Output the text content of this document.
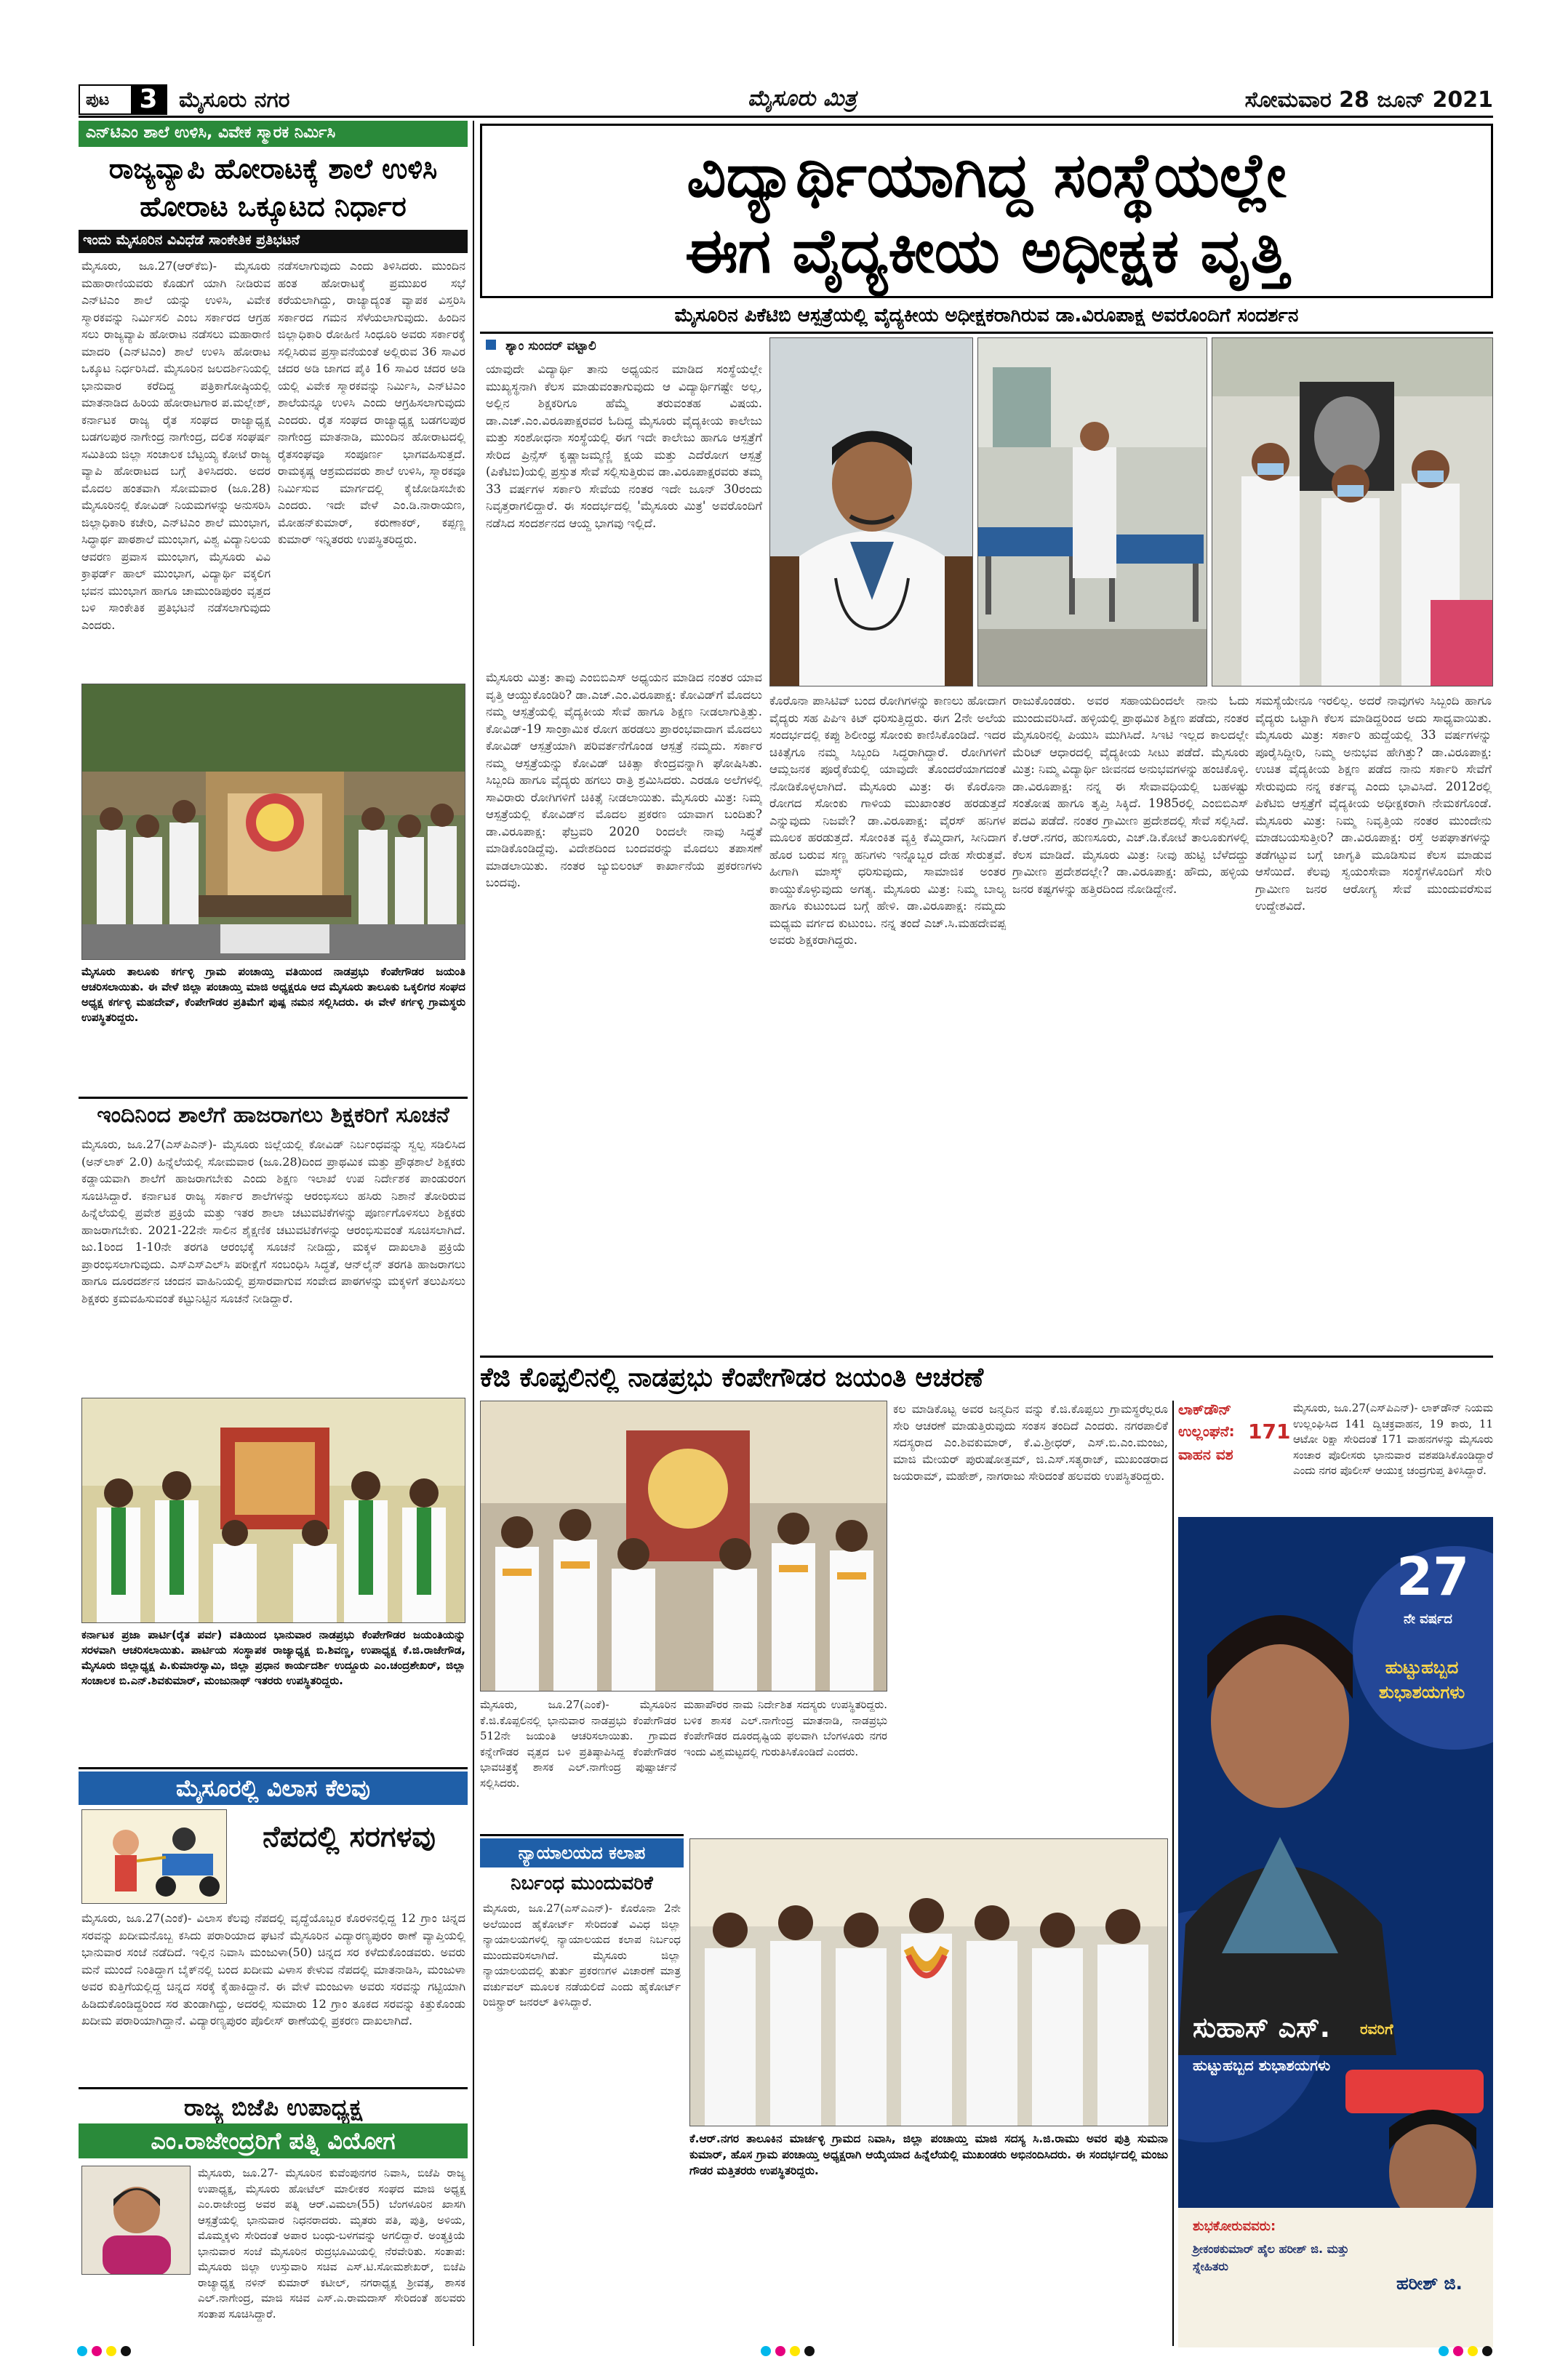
ಪುಟ	3 ಮೈಸೂರು ನಗರ	ಮೈಸೂರು ಮಿತ್ರ	ಸೋಮವಾರ 28 ಜೂನ್ 2021
ಎನ್‌ಟಿಎಂ ಶಾಲೆ ಉಳಿಸಿ, ವಿವೇಕ ಸ್ಮಾರಕ ನಿರ್ಮಿಸಿ
ರಾಜ್ಯವ್ಯಾಪಿ ಹೋರಾಟಕ್ಕೆ ಶಾಲೆ ಉಳಿಸಿ ಹೋರಾಟ ಒಕ್ಕೂಟದ ನಿರ್ಧಾರ
ಇಂದು ಮೈಸೂರಿನ ವಿವಿಧೆಡೆ ಸಾಂಕೇತಿಕ ಪ್ರತಿಭಟನೆ
ಮೈಸೂರು, ಜೂ.27(ಆರ್‌ಕೆಬಿ)- ಮೈಸೂರು ಮಹಾರಾಣಿಯವರು ಕೊಡುಗೆ ಯಾಗಿ ನೀಡಿರುವ ಎನ್‌ಟಿಎಂ ಶಾಲೆ ಯನ್ನು ಉಳಿಸಿ, ವಿವೇಕ ಸ್ಮಾರಕವನ್ನು ನಿರ್ಮಿಸಲಿ ಎಂಬ ಸರ್ಕಾರದ ಆಗ್ರಹ ಸಲು ರಾಜ್ಯವ್ಯಾಪಿ ಹೋರಾಟ ನಡೆಸಲು ಮಹಾರಾಣಿ ಮಾದರಿ (ಎನ್‌ಟಿಎಂ) ಶಾಲೆ ಉಳಿಸಿ ಹೋರಾಟ ಒಕ್ಕೂಟ ನಿರ್ಧರಿಸಿದೆ. ಮೈಸೂರಿನ ಜಲದರ್ಶಿನಿಯಲ್ಲಿ ಭಾನುವಾರ ಕರೆದಿದ್ದ ಪತ್ರಿಕಾಗೋಷ್ಠಿಯಲ್ಲಿ ಮಾತನಾಡಿದ ಹಿರಿಯ ಹೋರಾಟಗಾರ ಪ.ಮಲ್ಲೇಶ್, ಕರ್ನಾಟಕ ರಾಜ್ಯ ರೈತ ಸಂಘದ ರಾಜ್ಯಾಧ್ಯಕ್ಷ ಬಡಗಲಪುರ ನಾಗೇಂದ್ರ ನಾಗೇಂದ್ರ, ದಲಿತ ಸಂಘರ್ಷ ಸಮಿತಿಯ ಜಿಲ್ಲಾ ಸಂಚಾಲಕ ಬೆಟ್ಟಯ್ಯ ಕೋಟೆ ರಾಜ್ಯ ವ್ಯಾಪಿ ಹೋರಾಟದ ಬಗ್ಗೆ ತಿಳಿಸಿದರು. ಅದರ ಮೊದಲ ಹಂತವಾಗಿ ಸೋಮವಾರ (ಜೂ.28) ಮೈಸೂರಿನಲ್ಲಿ ಕೋವಿಡ್ ನಿಯಮಗಳನ್ನು ಅನುಸರಿಸಿ ಜಿಲ್ಲಾಧಿಕಾರಿ ಕಚೇರಿ, ಎನ್‌ಟಿಎಂ ಶಾಲೆ ಮುಂಭಾಗ, ಸಿದ್ಧಾರ್ಥ ಪಾಠಶಾಲೆ ಮುಂಭಾಗ, ವಿಶ್ವ ವಿದ್ಯಾನಿಲಯ ಆವರಣ ಪ್ರವಾಸ ಮುಂಭಾಗ, ಮೈಸೂರು ವಿವಿ ಕ್ರಾಫರ್ಡ್ ಹಾಲ್ ಮುಂಭಾಗ, ವಿದ್ಯಾರ್ಥಿ ವಕ್ಕಲಿಗ ಭವನ ಮುಂಭಾಗ ಹಾಗೂ ಚಾಮುಂಡಿಪುರಂ ವೃತ್ತದ ಬಳಿ ಸಾಂಕೇತಿಕ ಪ್ರತಿಭಟನೆ ನಡೆಸಲಾಗುವುದು ಎಂದರು.
ನಡೆಸಲಾಗುವುದು ಎಂದು ತಿಳಿಸಿದರು. ಮುಂದಿನ ಹಂತ ಹೋರಾಟಕ್ಕೆ ಪ್ರಮುಖರ ಸಭೆ ಕರೆಯಲಾಗಿದ್ದು, ರಾಜ್ಯಾದ್ಯಂತ ವ್ಯಾಪಕ ವಿಸ್ತರಿಸಿ ಸರ್ಕಾರದ ಗಮನ ಸೆಳೆಯಲಾಗುವುದು. ಹಿಂದಿನ ಜಿಲ್ಲಾಧಿಕಾರಿ ರೋಹಿಣಿ ಸಿಂಧೂರಿ ಅವರು ಸರ್ಕಾರಕ್ಕೆ ಸಲ್ಲಿಸಿರುವ ಪ್ರಸ್ತಾವನೆಯಂತೆ ಅಲ್ಲಿರುವ 36 ಸಾವಿರ ಚದರ ಅಡಿ ಜಾಗದ ಪೈಕಿ 16 ಸಾವಿರ ಚದರ ಅಡಿ ಯಲ್ಲಿ ವಿವೇಕ ಸ್ಮಾರಕವನ್ನು ನಿರ್ಮಿಸಿ, ಎನ್‌ಟಿಎಂ ಶಾಲೆಯನ್ನೂ ಉಳಿಸಿ ಎಂದು ಆಗ್ರಹಿಸಲಾಗುವುದು ಎಂದರು. ರೈತ ಸಂಘದ ರಾಜ್ಯಾಧ್ಯಕ್ಷ ಬಡಗಲಪುರ ನಾಗೇಂದ್ರ ಮಾತನಾಡಿ, ಮುಂದಿನ ಹೋರಾಟದಲ್ಲಿ ರೈತಸಂಘವೂ ಸಂಪೂರ್ಣ ಭಾಗವಹಿಸುತ್ತದೆ. ರಾಮಕೃಷ್ಣ ಆಶ್ರಮದವರು ಶಾಲೆ ಉಳಿಸಿ, ಸ್ಮಾರಕವೂ ನಿರ್ಮಿಸುವ ಮಾರ್ಗದಲ್ಲಿ ಕೈಜೋಡಿಸಬೇಕು ಎಂದರು. ಇದೇ ವೇಳೆ ಎಂ.ಡಿ.ನಾರಾಯಣ, ಮೋಹನ್‌ಕುಮಾರ್, ಕರುಣಾಕರ್, ಕಪ್ಪಣ್ಣ ಕುಮಾರ್ ಇನ್ನಿತರರು ಉಪಸ್ಥಿತರಿದ್ದರು.
ಮೈಸೂರು ತಾಲೂಕು ಕರ್ಗಳ್ಳಿ ಗ್ರಾಮ ಪಂಚಾಯ್ತಿ ವತಿಯಿಂದ ನಾಡಪ್ರಭು ಕೆಂಪೇಗೌಡರ ಜಯಂತಿ ಆಚರಿಸಲಾಯಿತು. ಈ ವೇಳೆ ಜಿಲ್ಲಾ ಪಂಚಾಯ್ತಿ ಮಾಜಿ ಅಧ್ಯಕ್ಷರೂ ಆದ ಮೈಸೂರು ತಾಲೂಕು ಒಕ್ಕಲಿಗರ ಸಂಘದ ಅಧ್ಯಕ್ಷ ಕರ್ಗಳ್ಳಿ ಮಹದೇವ್, ಕೆಂಪೇಗೌಡರ ಪ್ರತಿಮೆಗೆ ಪುಷ್ಪ ನಮನ ಸಲ್ಲಿಸಿದರು. ಈ ವೇಳೆ ಕರ್ಗಳ್ಳಿ ಗ್ರಾಮಸ್ಥರು ಉಪಸ್ಥಿತರಿದ್ದರು.
ಇಂದಿನಿಂದ ಶಾಲೆಗೆ ಹಾಜರಾಗಲು ಶಿಕ್ಷಕರಿಗೆ ಸೂಚನೆ
ಮೈಸೂರು, ಜೂ.27(ಎಸ್‌ಪಿಎನ್)- ಮೈಸೂರು ಜಿಲ್ಲೆಯಲ್ಲಿ ಕೋವಿಡ್ ನಿರ್ಬಂಧವನ್ನು ಸ್ವಲ್ಪ ಸಡಿಲಿಸಿದ (ಅನ್‌ಲಾಕ್ 2.0) ಹಿನ್ನೆಲೆಯಲ್ಲಿ ಸೋಮವಾರ (ಜೂ.28)ದಿಂದ ಪ್ರಾಥಮಿಕ ಮತ್ತು ಪ್ರೌಢಶಾಲೆ ಶಿಕ್ಷಕರು ಕಡ್ಡಾಯವಾಗಿ ಶಾಲೆಗೆ ಹಾಜರಾಗಬೇಕು ಎಂದು ಶಿಕ್ಷಣ ಇಲಾಖೆ ಉಪ ನಿರ್ದೇಶಕ ಪಾಂಡುರಂಗ ಸೂಚಿಸಿದ್ದಾರೆ. ಕರ್ನಾಟಕ ರಾಜ್ಯ ಸರ್ಕಾರ ಶಾಲೆಗಳನ್ನು ಆರಂಭಿಸಲು ಹಸಿರು ನಿಶಾನೆ ತೋರಿರುವ ಹಿನ್ನೆಲೆಯಲ್ಲಿ ಪ್ರವೇಶ ಪ್ರಕ್ರಿಯೆ ಮತ್ತು ಇತರ ಶಾಲಾ ಚಟುವಟಿಕೆಗಳನ್ನು ಪೂರ್ಣಗೊಳಿಸಲು ಶಿಕ್ಷಕರು ಹಾಜರಾಗಬೇಕು. 2021-22ನೇ ಸಾಲಿನ ಶೈಕ್ಷಣಿಕ ಚಟುವಟಿಕೆಗಳನ್ನು ಆರಂಭಿಸುವಂತೆ ಸೂಚಿಸಲಾಗಿದೆ. ಜು.1ರಿಂದ 1-10ನೇ ತರಗತಿ ಆರಂಭಕ್ಕೆ ಸೂಚನೆ ನೀಡಿದ್ದು, ಮಕ್ಕಳ ದಾಖಲಾತಿ ಪ್ರಕ್ರಿಯೆ ಪ್ರಾರಂಭಿಸಲಾಗುವುದು. ಎಸ್‌ಎಸ್‌ಎಲ್‌ಸಿ ಪರೀಕ್ಷೆಗೆ ಸಂಬಂಧಿಸಿ ಸಿದ್ಧತೆ, ಆನ್‌ಲೈನ್ ತರಗತಿ ಹಾಜರಾಗಲು ಹಾಗೂ ದೂರದರ್ಶನ ಚಂದನ ವಾಹಿನಿಯಲ್ಲಿ ಪ್ರಸಾರವಾಗುವ ಸಂವೇದ ಪಾಠಗಳನ್ನು ಮಕ್ಕಳಿಗೆ ತಲುಪಿಸಲು ಶಿಕ್ಷಕರು ಕ್ರಮವಹಿಸುವಂತೆ ಕಟ್ಟುನಿಟ್ಟಿನ ಸೂಚನೆ ನೀಡಿದ್ದಾರೆ.
ಕರ್ನಾಟಕ ಪ್ರಜಾ ಪಾರ್ಟಿ(ರೈತ ಪರ್ವ) ವತಿಯಿಂದ ಭಾನುವಾರ ನಾಡಪ್ರಭು ಕೆಂಪೇಗೌಡರ ಜಯಂತಿಯನ್ನು ಸರಳವಾಗಿ ಆಚರಿಸಲಾಯಿತು. ಪಾರ್ಟಿಯ ಸಂಸ್ಥಾಪಕ ರಾಜ್ಯಾಧ್ಯಕ್ಷ ಬಿ.ಶಿವಣ್ಣ, ಉಪಾಧ್ಯಕ್ಷ ಕೆ.ಜಿ.ರಾಜೇಗೌಡ, ಮೈಸೂರು ಜಿಲ್ಲಾಧ್ಯಕ್ಷ ಪಿ.ಕುಮಾರಸ್ವಾಮಿ, ಜಿಲ್ಲಾ ಪ್ರಧಾನ ಕಾರ್ಯದರ್ಶಿ ಉದ್ದೂರು ಎಂ.ಚಂದ್ರಶೇಖರ್, ಜಿಲ್ಲಾ ಸಂಚಾಲಕ ಬಿ.ಎನ್.ಶಿವಕುಮಾರ್, ಮಂಜುನಾಥ್ ಇತರರು ಉಪಸ್ಥಿತರಿದ್ದರು.
ಮೈಸೂರಲ್ಲಿ ವಿಲಾಸ ಕೆಲವು
ನೆಪದಲ್ಲಿ ಸರಗಳವು
ಮೈಸೂರು, ಜೂ.27(ಎಂಕೆ)- ವಿಲಾಸ ಕೆಲವು ನೆಪದಲ್ಲಿ ವೃದ್ಧೆಯೊಬ್ಬರ ಕೊರಳಿನಲ್ಲಿದ್ದ 12 ಗ್ರಾಂ ಚಿನ್ನದ ಸರವನ್ನು ಖದೀಮನೊಬ್ಬ ಕಸಿದು ಪರಾರಿಯಾದ ಘಟನೆ ಮೈಸೂರಿನ ವಿದ್ಯಾರಣ್ಯಪುರಂ ಠಾಣೆ ವ್ಯಾಪ್ತಿಯಲ್ಲಿ ಭಾನುವಾರ ಸಂಜೆ ನಡೆದಿದೆ. ಇಲ್ಲಿನ ನಿವಾಸಿ ಮಂಜುಳಾ(50) ಚಿನ್ನದ ಸರ ಕಳೆದುಕೊಂಡವರು. ಅವರು ಮನೆ ಮುಂದೆ ನಿಂತಿದ್ದಾಗ ಬೈಕ್‌ನಲ್ಲಿ ಬಂದ ಖದೀಮ ವಿಳಾಸ ಕೇಳುವ ನೆಪದಲ್ಲಿ ಮಾತನಾಡಿಸಿ, ಮಂಜುಳಾ ಅವರ ಕುತ್ತಿಗೆಯಲ್ಲಿದ್ದ ಚಿನ್ನದ ಸರಕ್ಕೆ ಕೈಹಾಕಿದ್ದಾನೆ. ಈ ವೇಳೆ ಮಂಜುಳಾ ಅವರು ಸರವನ್ನು ಗಟ್ಟಿಯಾಗಿ ಹಿಡಿದುಕೊಂಡಿದ್ದರಿಂದ ಸರ ತುಂಡಾಗಿದ್ದು, ಅದರಲ್ಲಿ ಸುಮಾರು 12 ಗ್ರಾಂ ತೂಕದ ಸರವನ್ನು ಕಿತ್ತುಕೊಂಡು ಖದೀಮ ಪರಾರಿಯಾಗಿದ್ದಾನೆ. ವಿದ್ಯಾರಣ್ಯಪುರಂ ಪೊಲೀಸ್ ಠಾಣೆಯಲ್ಲಿ ಪ್ರಕರಣ ದಾಖಲಾಗಿದೆ.
ರಾಜ್ಯ ಬಿಜೆಪಿ ಉಪಾಧ್ಯಕ್ಷ
ಎಂ.ರಾಜೇಂದ್ರರಿಗೆ ಪತ್ನಿ ವಿಯೋಗ
ಮೈಸೂರು, ಜೂ.27- ಮೈಸೂರಿನ ಕುವೆಂಪುನಗರ ನಿವಾಸಿ, ಬಿಜೆಪಿ ರಾಜ್ಯ ಉಪಾಧ್ಯಕ್ಷ, ಮೈಸೂರು ಹೋಟೆಲ್ ಮಾಲೀಕರ ಸಂಘದ ಮಾಜಿ ಅಧ್ಯಕ್ಷ ಎಂ.ರಾಜೇಂದ್ರ ಅವರ ಪತ್ನಿ ಆರ್.ವಿಮಲಾ(55) ಬೆಂಗಳೂರಿನ ಖಾಸಗಿ ಆಸ್ಪತ್ರೆಯಲ್ಲಿ ಭಾನುವಾರ ನಿಧನರಾದರು. ಮೃತರು ಪತಿ, ಪುತ್ರಿ, ಅಳಿಯ, ಮೊಮ್ಮಕ್ಕಳು ಸೇರಿದಂತೆ ಅಪಾರ ಬಂಧು-ಬಳಗವನ್ನು ಅಗಲಿದ್ದಾರೆ. ಅಂತ್ಯಕ್ರಿಯೆ ಭಾನುವಾರ ಸಂಜೆ ಮೈಸೂರಿನ ರುದ್ರಭೂಮಿಯಲ್ಲಿ ನೆರವೇರಿತು. ಸಂತಾಪ: ಮೈಸೂರು ಜಿಲ್ಲಾ ಉಸ್ತುವಾರಿ ಸಚಿವ ಎಸ್.ಟಿ.ಸೋಮಶೇಖರ್, ಬಿಜೆಪಿ ರಾಜ್ಯಾಧ್ಯಕ್ಷ ನಳಿನ್ ಕುಮಾರ್ ಕಟೀಲ್, ನಗರಾಧ್ಯಕ್ಷ ಶ್ರೀವತ್ಸ, ಶಾಸಕ ಎಲ್.ನಾಗೇಂದ್ರ, ಮಾಜಿ ಸಚಿವ ಎಸ್.ಎ.ರಾಮದಾಸ್ ಸೇರಿದಂತೆ ಹಲವರು ಸಂತಾಪ ಸೂಚಿಸಿದ್ದಾರೆ.
ವಿದ್ಯಾರ್ಥಿಯಾಗಿದ್ದ ಸಂಸ್ಥೆಯಲ್ಲೇ
ಈಗ ವೈದ್ಯಕೀಯ ಅಧೀಕ್ಷಕ ವೃತ್ತಿ
ಮೈಸೂರಿನ ಪಿಕೆಟಿಬಿ ಆಸ್ಪತ್ರೆಯಲ್ಲಿ ವೈದ್ಯಕೀಯ ಅಧೀಕ್ಷಕರಾಗಿರುವ ಡಾ.ವಿರೂಪಾಕ್ಷ ಅವರೊಂದಿಗೆ ಸಂದರ್ಶನ
ಶ್ಯಾಂ ಸುಂದರ್ ವಟ್ಟಾಲಿ
ಯಾವುದೇ ವಿದ್ಯಾರ್ಥಿ ತಾನು ಅಧ್ಯಯನ ಮಾಡಿದ ಸಂಸ್ಥೆಯಲ್ಲೇ ಮುಖ್ಯಸ್ಥನಾಗಿ ಕೆಲಸ ಮಾಡುವಂತಾಗುವುದು ಆ ವಿದ್ಯಾರ್ಥಿಗಷ್ಟೇ ಅಲ್ಲ, ಅಲ್ಲಿನ ಶಿಕ್ಷಕರಿಗೂ ಹೆಮ್ಮೆ ತರುವಂತಹ ವಿಷಯ. ಡಾ.ಎಚ್.ಎಂ.ವಿರೂಪಾಕ್ಷರವರ ಓದಿದ್ದ ಮೈಸೂರು ವೈದ್ಯಕೀಯ ಕಾಲೇಜು ಮತ್ತು ಸಂಶೋಧನಾ ಸಂಸ್ಥೆಯಲ್ಲಿ ಈಗ ಇದೇ ಕಾಲೇಜು ಹಾಗೂ ಆಸ್ಪತ್ರೆಗೆ ಸೇರಿದ ಪ್ರಿನ್ಸೆಸ್ ಕೃಷ್ಣಾಜಮ್ಮಣ್ಣಿ ಕ್ಷಯ ಮತ್ತು ಎದೆರೋಗ ಆಸ್ಪತ್ರೆ (ಪಿಕೆಟಿಬಿ)ಯಲ್ಲಿ ಪ್ರಸ್ತುತ ಸೇವೆ ಸಲ್ಲಿಸುತ್ತಿರುವ ಡಾ.ವಿರೂಪಾಕ್ಷರವರು ತಮ್ಮ 33 ವರ್ಷಗಳ ಸರ್ಕಾರಿ ಸೇವೆಯ ನಂತರ ಇದೇ ಜೂನ್ 30ರಂದು ನಿವೃತ್ತರಾಗಲಿದ್ದಾರೆ. ಈ ಸಂದರ್ಭದಲ್ಲಿ 'ಮೈಸೂರು ಮಿತ್ರ' ಅವರೊಂದಿಗೆ ನಡೆಸಿದ ಸಂದರ್ಶನದ ಆಯ್ದ ಭಾಗವು ಇಲ್ಲಿದೆ.
ಮೈಸೂರು ಮಿತ್ರ: ತಾವು ಎಂಬಿಬಿಎಸ್ ಅಧ್ಯಯನ ಮಾಡಿದ ನಂತರ ಯಾವ ವೃತ್ತಿ ಆಯ್ದುಕೊಂಡಿರಿ? ಡಾ.ಎಚ್.ಎಂ.ವಿರೂಪಾಕ್ಷ: ಕೋವಿಡ್‌ಗೆ ಮೊದಲು ನಮ್ಮ ಆಸ್ಪತ್ರೆಯಲ್ಲಿ ವೈದ್ಯಕೀಯ ಸೇವೆ ಹಾಗೂ ಶಿಕ್ಷಣ ನೀಡಲಾಗುತ್ತಿತ್ತು. ಕೋವಿಡ್-19 ಸಾಂಕ್ರಾಮಿಕ ರೋಗ ಹರಡಲು ಪ್ರಾರಂಭವಾದಾಗ ಮೊದಲು ಕೋವಿಡ್ ಆಸ್ಪತ್ರೆಯಾಗಿ ಪರಿವರ್ತನೆಗೊಂಡ ಆಸ್ಪತ್ರೆ ನಮ್ಮದು. ಸರ್ಕಾರ ನಮ್ಮ ಆಸ್ಪತ್ರೆಯನ್ನು ಕೋವಿಡ್ ಚಿಕಿತ್ಸಾ ಕೇಂದ್ರವನ್ನಾಗಿ ಘೋಷಿಸಿತು. ಸಿಬ್ಬಂದಿ ಹಾಗೂ ವೈದ್ಯರು ಹಗಲು ರಾತ್ರಿ ಶ್ರಮಿಸಿದರು. ಎರಡೂ ಅಲೆಗಳಲ್ಲಿ ಸಾವಿರಾರು ರೋಗಿಗಳಿಗೆ ಚಿಕಿತ್ಸೆ ನೀಡಲಾಯಿತು. ಮೈಸೂರು ಮಿತ್ರ: ನಿಮ್ಮ ಆಸ್ಪತ್ರೆಯಲ್ಲಿ ಕೋವಿಡ್‌ನ ಮೊದಲ ಪ್ರಕರಣ ಯಾವಾಗ ಬಂದಿತು? ಡಾ.ವಿರೂಪಾಕ್ಷ: ಫೆಬ್ರವರಿ 2020 ರಿಂದಲೇ ನಾವು ಸಿದ್ಧತೆ ಮಾಡಿಕೊಂಡಿದ್ದೆವು. ವಿದೇಶದಿಂದ ಬಂದವರನ್ನು ಮೊದಲು ತಪಾಸಣೆ ಮಾಡಲಾಯಿತು. ನಂತರ ಜ್ಯುಬಿಲಂಟ್ ಕಾರ್ಖಾನೆಯ ಪ್ರಕರಣಗಳು ಬಂದವು.
ಕೊರೊನಾ ಪಾಸಿಟಿವ್ ಬಂದ ರೋಗಿಗಳನ್ನು ಕಾಣಲು ಹೋದಾಗ ವೈದ್ಯರು ಸಹ ಪಿಪಿಇ ಕಿಟ್ ಧರಿಸುತ್ತಿದ್ದರು. ಈಗ 2ನೇ ಅಲೆಯ ಸಂದರ್ಭದಲ್ಲಿ ಕಪ್ಪು ಶಿಲೀಂಧ್ರ ಸೋಂಕು ಕಾಣಿಸಿಕೊಂಡಿದೆ. ಇದರ ಚಿಕಿತ್ಸೆಗೂ ನಮ್ಮ ಸಿಬ್ಬಂದಿ ಸಿದ್ಧರಾಗಿದ್ದಾರೆ. ರೋಗಿಗಳಿಗೆ ಆಮ್ಲಜನಕ ಪೂರೈಕೆಯಲ್ಲಿ ಯಾವುದೇ ತೊಂದರೆಯಾಗದಂತೆ ನೋಡಿಕೊಳ್ಳಲಾಗಿದೆ. ಮೈಸೂರು ಮಿತ್ರ: ಈ ಕೊರೊನಾ ರೋಗದ ಸೋಂಕು ಗಾಳಿಯ ಮುಖಾಂತರ ಹರಡುತ್ತದೆ ಎನ್ನುವುದು ನಿಜವೇ? ಡಾ.ವಿರೂಪಾಕ್ಷ: ವೈರಸ್ ಹನಿಗಳ ಮೂಲಕ ಹರಡುತ್ತದೆ. ಸೋಂಕಿತ ವ್ಯಕ್ತಿ ಕೆಮ್ಮಿದಾಗ, ಸೀನಿದಾಗ ಹೊರ ಬರುವ ಸಣ್ಣ ಹನಿಗಳು ಇನ್ನೊಬ್ಬರ ದೇಹ ಸೇರುತ್ತವೆ. ಹೀಗಾಗಿ ಮಾಸ್ಕ್ ಧರಿಸುವುದು, ಸಾಮಾಜಿಕ ಅಂತರ ಕಾಯ್ದುಕೊಳ್ಳುವುದು ಅಗತ್ಯ. ಮೈಸೂರು ಮಿತ್ರ: ನಿಮ್ಮ ಬಾಲ್ಯ ಹಾಗೂ ಕುಟುಂಬದ ಬಗ್ಗೆ ಹೇಳಿ. ಡಾ.ವಿರೂಪಾಕ್ಷ: ನಮ್ಮದು ಮಧ್ಯಮ ವರ್ಗದ ಕುಟುಂಬ. ನನ್ನ ತಂದೆ ಎಚ್.ಸಿ.ಮಹದೇವಪ್ಪ ಅವರು ಶಿಕ್ಷಕರಾಗಿದ್ದರು.
ರಾಜುಕೊಂಡರು. ಅವರ ಸಹಾಯದಿಂದಲೇ ನಾನು ಓದು ಮುಂದುವರಿಸಿದೆ. ಹಳ್ಳಿಯಲ್ಲಿ ಪ್ರಾಥಮಿಕ ಶಿಕ್ಷಣ ಪಡೆದು, ನಂತರ ಮೈಸೂರಿನಲ್ಲಿ ಪಿಯುಸಿ ಮುಗಿಸಿದೆ. ಸಿಇಟಿ ಇಲ್ಲದ ಕಾಲದಲ್ಲೇ ಮೆರಿಟ್ ಆಧಾರದಲ್ಲಿ ವೈದ್ಯಕೀಯ ಸೀಟು ಪಡೆದೆ. ಮೈಸೂರು ಮಿತ್ರ: ನಿಮ್ಮ ವಿದ್ಯಾರ್ಥಿ ಜೀವನದ ಅನುಭವಗಳನ್ನು ಹಂಚಿಕೊಳ್ಳಿ. ಡಾ.ವಿರೂಪಾಕ್ಷ: ನನ್ನ ಈ ಸೇವಾವಧಿಯಲ್ಲಿ ಬಹಳಷ್ಟು ಸಂತೋಷ ಹಾಗೂ ತೃಪ್ತಿ ಸಿಕ್ಕಿದೆ. 1985ರಲ್ಲಿ ಎಂಬಿಬಿಎಸ್ ಪದವಿ ಪಡೆದೆ. ನಂತರ ಗ್ರಾಮೀಣ ಪ್ರದೇಶದಲ್ಲಿ ಸೇವೆ ಸಲ್ಲಿಸಿದೆ. ಕೆ.ಆರ್.ನಗರ, ಹುಣಸೂರು, ಎಚ್.ಡಿ.ಕೋಟೆ ತಾಲೂಕುಗಳಲ್ಲಿ ಕೆಲಸ ಮಾಡಿದೆ. ಮೈಸೂರು ಮಿತ್ರ: ನೀವು ಹುಟ್ಟಿ ಬೆಳೆದದ್ದು ಗ್ರಾಮೀಣ ಪ್ರದೇಶದಲ್ಲೇ? ಡಾ.ವಿರೂಪಾಕ್ಷ: ಹೌದು, ಹಳ್ಳಿಯ ಜನರ ಕಷ್ಟಗಳನ್ನು ಹತ್ತಿರದಿಂದ ನೋಡಿದ್ದೇನೆ.
ಸಮಸ್ಯೆಯೇನೂ ಇರಲಿಲ್ಲ. ಅದರೆ ನಾವುಗಳು ಸಿಬ್ಬಂದಿ ಹಾಗೂ ವೈದ್ಯರು ಒಟ್ಟಾಗಿ ಕೆಲಸ ಮಾಡಿದ್ದರಿಂದ ಅದು ಸಾಧ್ಯವಾಯಿತು. ಮೈಸೂರು ಮಿತ್ರ: ಸರ್ಕಾರಿ ಹುದ್ದೆಯಲ್ಲಿ 33 ವರ್ಷಗಳನ್ನು ಪೂರೈಸಿದ್ದೀರಿ, ನಿಮ್ಮ ಅನುಭವ ಹೇಗಿತ್ತು? ಡಾ.ವಿರೂಪಾಕ್ಷ: ಉಚಿತ ವೈದ್ಯಕೀಯ ಶಿಕ್ಷಣ ಪಡೆದ ನಾನು ಸರ್ಕಾರಿ ಸೇವೆಗೆ ಸೇರುವುದು ನನ್ನ ಕರ್ತವ್ಯ ಎಂದು ಭಾವಿಸಿದೆ. 2012ರಲ್ಲಿ ಪಿಕೆಟಿಬಿ ಆಸ್ಪತ್ರೆಗೆ ವೈದ್ಯಕೀಯ ಅಧೀಕ್ಷಕರಾಗಿ ನೇಮಕಗೊಂಡೆ. ಮೈಸೂರು ಮಿತ್ರ: ನಿಮ್ಮ ನಿವೃತ್ತಿಯ ನಂತರ ಮುಂದೇನು ಮಾಡಬಯಸುತ್ತೀರಿ? ಡಾ.ವಿರೂಪಾಕ್ಷ: ರಸ್ತೆ ಅಪಘಾತಗಳನ್ನು ತಡೆಗಟ್ಟುವ ಬಗ್ಗೆ ಜಾಗೃತಿ ಮೂಡಿಸುವ ಕೆಲಸ ಮಾಡುವ ಆಸೆಯಿದೆ. ಕೆಲವು ಸ್ವಯಂಸೇವಾ ಸಂಸ್ಥೆಗಳೊಂದಿಗೆ ಸೇರಿ ಗ್ರಾಮೀಣ ಜನರ ಆರೋಗ್ಯ ಸೇವೆ ಮುಂದುವರೆಸುವ ಉದ್ದೇಶವಿದೆ.
ಕೆಜಿ ಕೊಪ್ಪಲಿನಲ್ಲಿ ನಾಡಪ್ರಭು ಕೆಂಪೇಗೌಡರ ಜಯಂತಿ ಆಚರಣೆ
ಮೈಸೂರು, ಜೂ.27(ಎಂಕೆ)- ಮೈಸೂರಿನ ಕೆ.ಜಿ.ಕೊಪ್ಪಲಿನಲ್ಲಿ ಭಾನುವಾರ ನಾಡಪ್ರಭು ಕೆಂಪೇಗೌಡರ 512ನೇ ಜಯಂತಿ ಆಚರಿಸಲಾಯಿತು. ಗ್ರಾಮದ ಕನ್ನೇಗೌಡರ ವೃತ್ತದ ಬಳಿ ಪ್ರತಿಷ್ಠಾಪಿಸಿದ್ದ ಕೆಂಪೇಗೌಡರ ಭಾವಚಿತ್ರಕ್ಕೆ ಶಾಸಕ ಎಲ್.ನಾಗೇಂದ್ರ ಪುಷ್ಪಾರ್ಚನೆ ಸಲ್ಲಿಸಿದರು.
ಮಹಾಪೌರರ ನಾಮ ನಿರ್ದೇಶಿತ ಸದಸ್ಯರು ಉಪಸ್ಥಿತರಿದ್ದರು. ಬಳಿಕ ಶಾಸಕ ಎಲ್.ನಾಗೇಂದ್ರ ಮಾತನಾಡಿ, ನಾಡಪ್ರಭು ಕೆಂಪೇಗೌಡರ ದೂರದೃಷ್ಟಿಯ ಫಲವಾಗಿ ಬೆಂಗಳೂರು ನಗರ ಇಂದು ವಿಶ್ವಮಟ್ಟದಲ್ಲಿ ಗುರುತಿಸಿಕೊಂಡಿದೆ ಎಂದರು.
ಕಲ ಮಾಡಿಕೊಟ್ಟ ಅವರ ಜನ್ಮದಿನ ವನ್ನು ಕೆ.ಜಿ.ಕೊಪ್ಪಲು ಗ್ರಾಮಸ್ಥರೆಲ್ಲರೂ ಸೇರಿ ಆಚರಣೆ ಮಾಡುತ್ತಿರುವುದು ಸಂತಸ ತಂದಿದೆ ಎಂದರು. ನಗರಪಾಲಿಕೆ ಸದಸ್ಯರಾದ ಎಂ.ಶಿವಕುಮಾರ್, ಕೆ.ವಿ.ಶ್ರೀಧರ್, ಎಸ್.ಬಿ.ಎಂ.ಮಂಜು, ಮಾಜಿ ಮೇಯರ್ ಪುರುಷೋತ್ತಮ್, ಜಿ.ಎಸ್.ಸತ್ಯರಾಜ್, ಮುಖಂಡರಾದ ಜಯರಾಮ್, ಮಹೇಶ್, ನಾಗರಾಜು ಸೇರಿದಂತೆ ಹಲವರು ಉಪಸ್ಥಿತರಿದ್ದರು.
ನ್ಯಾಯಾಲಯದ ಕಲಾಪ
ನಿರ್ಬಂಧ ಮುಂದುವರಿಕೆ
ಮೈಸೂರು, ಜೂ.27(ಎಸ್‌ಎಎನ್)- ಕೊರೊನಾ 2ನೇ ಅಲೆಯಿಂದ ಹೈಕೋರ್ಟ್ ಸೇರಿದಂತೆ ವಿವಿಧ ಜಿಲ್ಲಾ ನ್ಯಾಯಾಲಯಗಳಲ್ಲಿ ನ್ಯಾಯಾಲಯದ ಕಲಾಪ ನಿರ್ಬಂಧ ಮುಂದುವರಿಸಲಾಗಿದೆ. ಮೈಸೂರು ಜಿಲ್ಲಾ ನ್ಯಾಯಾಲಯದಲ್ಲಿ ತುರ್ತು ಪ್ರಕರಣಗಳ ವಿಚಾರಣೆ ಮಾತ್ರ ವರ್ಚುವಲ್ ಮೂಲಕ ನಡೆಯಲಿದೆ ಎಂದು ಹೈಕೋರ್ಟ್ ರಿಜಿಸ್ಟ್ರಾರ್ ಜನರಲ್ ತಿಳಿಸಿದ್ದಾರೆ.
ಕೆ.ಆರ್.ನಗರ ತಾಲೂಕಿನ ಮಾರ್ಚಳ್ಳಿ ಗ್ರಾಮದ ನಿವಾಸಿ, ಜಿಲ್ಲಾ ಪಂಚಾಯ್ತಿ ಮಾಜಿ ಸದಸ್ಯ ಸಿ.ಜಿ.ರಾಮು ಅವರ ಪುತ್ರಿ ಸುಮನಾ ಕುಮಾರ್, ಹೊಸ ಗ್ರಾಮ ಪಂಚಾಯ್ತಿ ಅಧ್ಯಕ್ಷರಾಗಿ ಆಯ್ಕೆಯಾದ ಹಿನ್ನೆಲೆಯಲ್ಲಿ ಮುಖಂಡರು ಅಭಿನಂದಿಸಿದರು. ಈ ಸಂದರ್ಭದಲ್ಲಿ ಮಂಜು ಗೌಡರ ಮತ್ತಿತರರು ಉಪಸ್ಥಿತರಿದ್ದರು.
ಲಾಕ್‌ಡೌನ್
ಉಲ್ಲಂಘನೆ: 171
ವಾಹನ ವಶ
ಮೈಸೂರು, ಜೂ.27(ಎಸ್‌ಪಿಎನ್)- ಲಾಕ್‌ಡೌನ್ ನಿಯಮ ಉಲ್ಲಂಘಿಸಿದ 141 ದ್ವಿಚಕ್ರವಾಹನ, 19 ಕಾರು, 11 ಆಟೋ ರಿಕ್ಷಾ ಸೇರಿದಂತೆ 171 ವಾಹನಗಳನ್ನು ಮೈಸೂರು ಸಂಚಾರ ಪೊಲೀಸರು ಭಾನುವಾರ ವಶಪಡಿಸಿಕೊಂಡಿದ್ದಾರೆ ಎಂದು ನಗರ ಪೊಲೀಸ್ ಆಯುಕ್ತ ಚಂದ್ರಗುಪ್ತ ತಿಳಿಸಿದ್ದಾರೆ.
27
ನೇ ವರ್ಷದ
ಹುಟ್ಟುಹಬ್ಬದ ಶುಭಾಶಯಗಳು
ಸುಹಾಸ್ ಎಸ್. ರವರಿಗೆ
ಹುಟ್ಟುಹಬ್ಬದ ಶುಭಾಶಯಗಳು
ಶುಭಕೋರುವವರು:
ಶ್ರೀಕಂಠಕುಮಾರ್ ಹೈಲ ಹರೀಶ್ ಜಿ. ಮತ್ತು ಸ್ನೇಹಿತರು
ಹರೀಶ್ ಜಿ.
